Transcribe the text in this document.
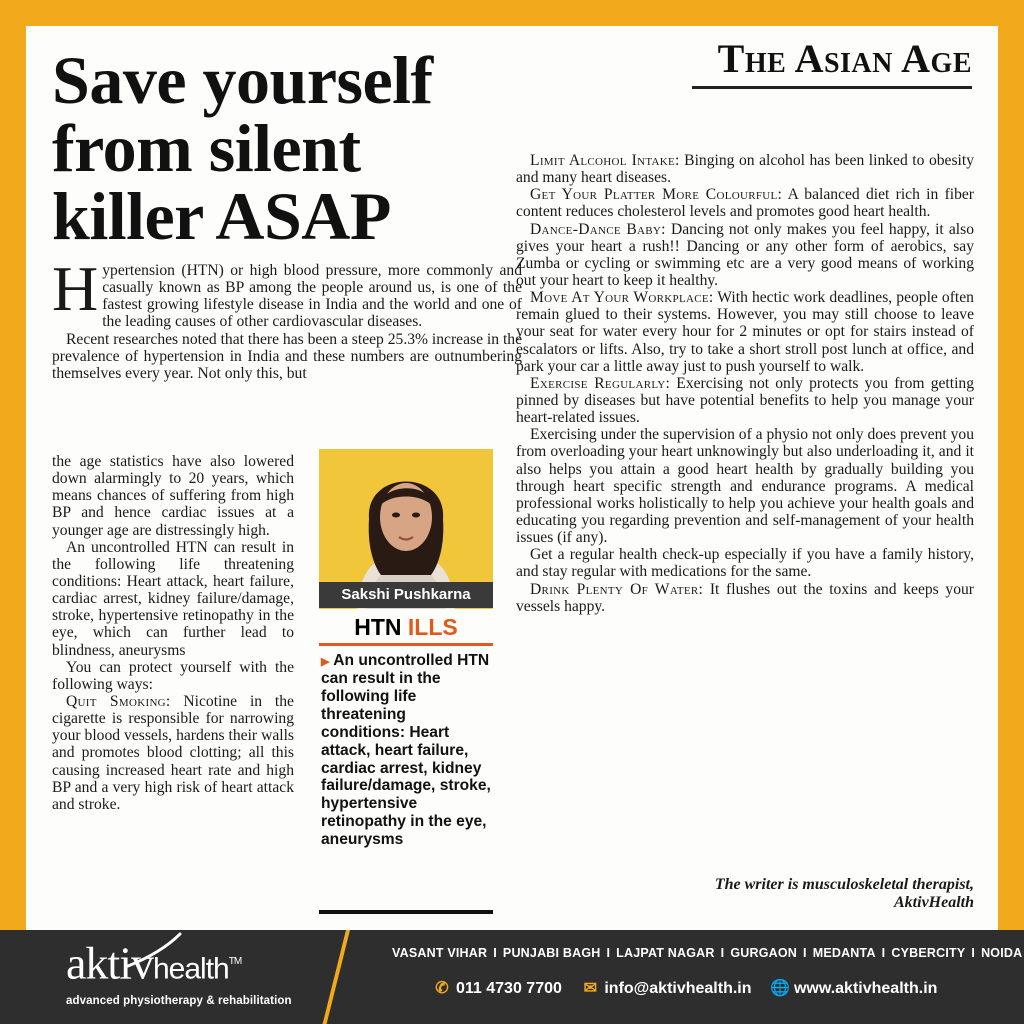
The Asian Age
Save yourself from silent killer ASAP

Hypertension (HTN) or high blood pressure, more commonly and casually known as BP among the people around us, is one of the fastest growing lifestyle disease in India and the world and one of the leading causes of other cardiovascular diseases.

Recent researches noted that there has been a steep 25.3% increase in the prevalence of hypertension in India and these numbers are outnumbering themselves every year. Not only this, but

the age statistics have also lowered down alarmingly to 20 years, which means chances of suffering from high BP and hence cardiac issues at a younger age are distressingly high.

An uncontrolled HTN can result in the following life threatening conditions: Heart attack, heart failure, cardiac arrest, kidney failure/damage, stroke, hypertensive retinopathy in the eye, which can further lead to blindness, aneurysms

You can protect yourself with the following ways:

Quit Smoking: Nicotine in the cigarette is responsible for narrowing your blood vessels, hardens their walls and promotes blood clotting; all this causing increased heart rate and high BP and a very high risk of heart attack and stroke.

Sakshi Pushkarna
HTN ILLS
▶ An uncontrolled HTN can result in the following life threatening conditions: Heart attack, heart failure, cardiac arrest, kidney failure/damage, stroke, hypertensive retinopathy in the eye, aneurysms

Limit Alcohol Intake: Binging on alcohol has been linked to obesity and many heart diseases.

Get Your Platter More Colourful: A balanced diet rich in fiber content reduces cholesterol levels and promotes good heart health.

Dance-Dance Baby: Dancing not only makes you feel happy, it also gives your heart a rush!! Dancing or any other form of aerobics, say Zumba or cycling or swimming etc are a very good means of working out your heart to keep it healthy.

Move At Your Workplace: With hectic work deadlines, people often remain glued to their systems. However, you may still choose to leave your seat for water every hour for 2 minutes or opt for stairs instead of escalators or lifts. Also, try to take a short stroll post lunch at office, and park your car a little away just to push yourself to walk.

Exercise Regularly: Exercising not only protects you from getting pinned by diseases but have potential benefits to help you manage your heart-related issues.

Exercising under the supervision of a physio not only does prevent you from overloading your heart unknowingly but also underloading it, and it also helps you attain a good heart health by gradually building you through heart specific strength and endurance programs. A medical professional works holistically to help you achieve your health goals and educating you regarding prevention and self-management of your health issues (if any).

Get a regular health check-up especially if you have a family history, and stay regular with medications for the same.

Drink Plenty Of Water: It flushes out the toxins and keeps your vessels happy.

The writer is musculoskeletal therapist,
AktivHealth
aktivhealth™
advanced physiotherapy & rehabilitation
VASANT VIHAR I PUNJABI BAGH I LAJPAT NAGAR I GURGAON I MEDANTA I CYBERCITY I NOIDA
✆ 011 4730 7700 ✉ info@aktivhealth.in 🌐 www.aktivhealth.in
